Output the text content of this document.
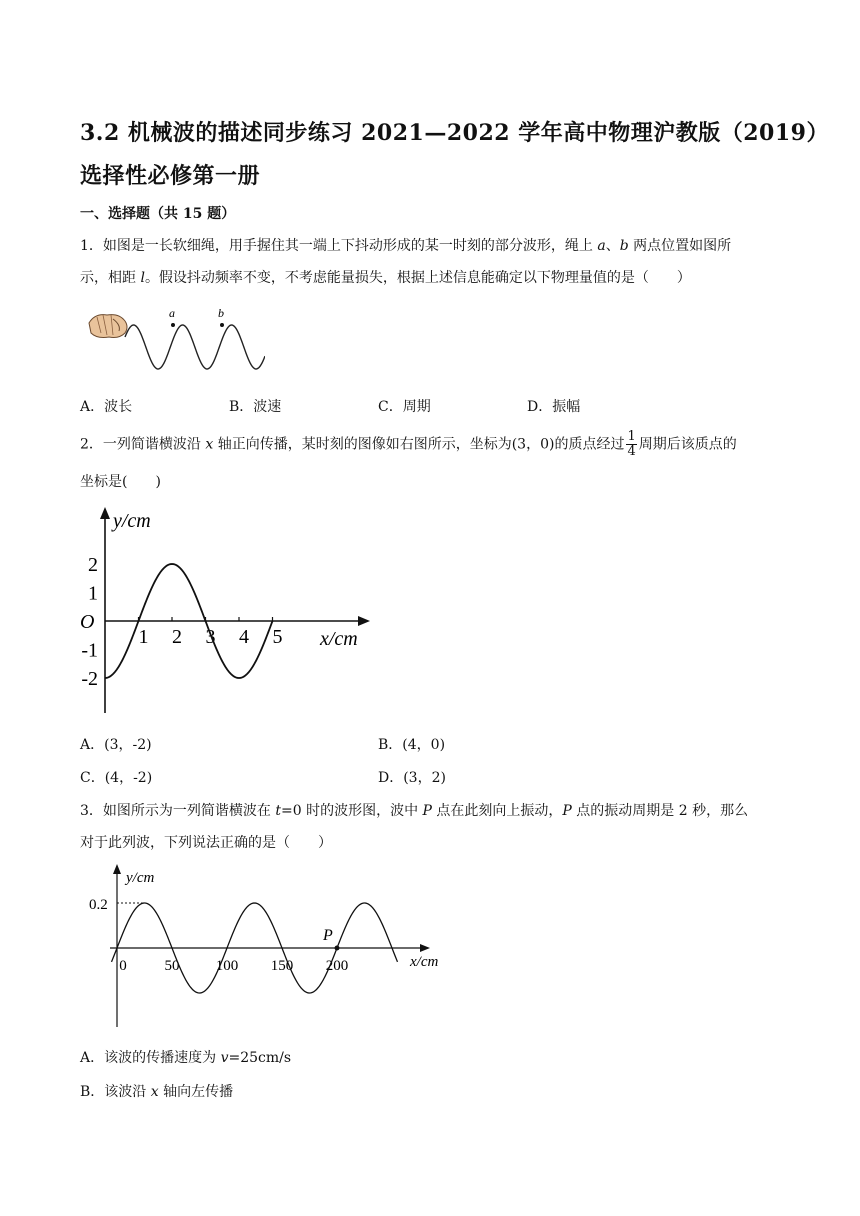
3.2 机械波的描述同步练习 2021—2022 学年高中物理沪教版（2019）
选择性必修第一册
一、选择题（共 15 题）
1．如图是一长软细绳，用手握住其一端上下抖动形成的某一时刻的部分波形，绳上 a、b 两点位置如图所
示，相距 l。假设抖动频率不变，不考虑能量损失，根据上述信息能确定以下物理量值的是（　　）
a	b
A．波长	B．波速	C．周期	D．振幅
2．一列简谐横波沿 x 轴正向传播，某时刻的图像如右图所示，坐标为(3，0)的质点经过 $\frac{1}{4}$ 周期后该质点的
坐标是(　　)
y/cm
x/cm
O
2
1
-1
-2
1 2 3 4 5
A．(3，-2)	B．(4，0)
C．(4，-2)	D．(3，2)
3．如图所示为一列简谐横波在 t=0 时的波形图，波中 P 点在此刻向上振动，P 点的振动周期是 2 秒，那么
对于此列波，下列说法正确的是（　　）
y/cm
x/cm
0.2
0	50 100 150 200
P
A．该波的传播速度为 v=25cm/s
B．该波沿 x 轴向左传播
